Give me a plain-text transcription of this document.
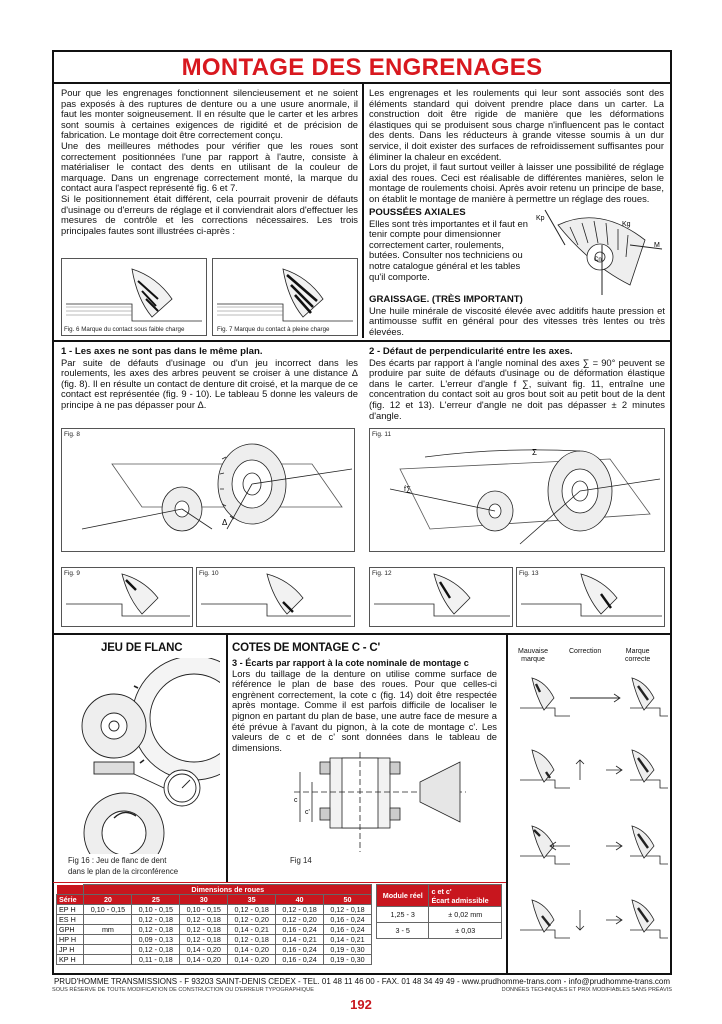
MONTAGE DES ENGRENAGES

Pour que les engrenages fonctionnent silencieusement et ne soient pas exposés à des ruptures de denture ou a une usure anormale, il faut les monter soigneusement. Il en résulte que le carter et les arbres sont soumis à certaines exigences de rigidité et de précision de fabrication. Le montage doit être correctement conçu.

Une des meilleures méthodes pour vérifier que les roues sont correctement positionnées l'une par rapport à l'autre, consiste à matérialiser le contact des dents en utilisant de la couleur de marquage. Dans un engrenage correctement monté, la marque du contact aura l'aspect représenté fig. 6 et 7.

Si le positionnement était différent, cela pourrait provenir de défauts d'usinage ou d'erreurs de réglage et il conviendrait alors d'effectuer les mesures de contrôle et les corrections nécessaires. Les trois principales fautes sont illustrées ci-après :

Les engrenages et les roulements qui leur sont associés sont des éléments standard qui doivent prendre place dans un carter. La construction doit être rigide de manière que les déformations élastiques qui se produisent sous charge n'influencent pas le contact des dents. Dans les réducteurs à grande vitesse soumis à un dur service, il doit exister des surfaces de refroidissement suffisantes pour éliminer la chaleur en excédent.

Lors du projet, il faut surtout veiller à laisser une possibilité de réglage axial des roues. Ceci est réalisable de différentes manières, selon le montage de roulements choisi. Après avoir retenu un principe de base, on établit le montage de manière à permettre un réglage des roues.

POUSSÉES AXIALES

Elles sont très importantes et il faut en tenir compte pour dimensionner correctement carter, roulements, butées. Consulter nos techniciens ou notre catalogue général et les tables qu'il comporte.

Kp
Kg
M
Cn
GRAISSAGE. (TRÈS IMPORTANT)

Une huile minérale de viscosité élevée avec additifs haute pression et antimousse suffit en général pour des vitesses très lentes ou très élevées.

Fig. 6 Marque du contact sous faible charge	Fig. 7 Marque du contact à pleine charge
1 - Les axes ne sont pas dans le même plan.

Par suite de défauts d'usinage ou d'un jeu incorrect dans les roulements, les axes des arbres peuvent se croiser à une distance Δ (fig. 8). Il en résulte un contact de denture dit croisé, et la marque de ce contact est représentée (fig. 9 - 10). Le tableau 5 donne les valeurs de principe à ne pas dépasser pour Δ.

2 - Défaut de perpendicularité entre les axes.

Des écarts par rapport à l'angle nominal des axes ∑ = 90° peuvent se produire par suite de défauts d'usinage ou de déformation élastique dans le carter. L'erreur d'angle f ∑, suivant fig. 11, entraîne une concentration du contact soit au gros bout soit au petit bout de la dent (fig. 12 et 13). L'erreur d'angle ne doit pas dépasser ± 2 minutes d'angle.

Δ
Fig. 8
Σ
f∑
Fig. 11
Fig. 9	Fig. 10	Fig. 12	Fig. 13
JEU DE FLANC
Fig 16 : Jeu de flanc de dent
dans le plan de la circonférence
COTES DE MONTAGE C - C'
3 - Écarts par rapport à la cote nominale de montage c

Lors du taillage de la denture on utilise comme surface de référence le plan de base des roues. Pour que celles-ci engrènent correctement, la cote c (fig. 14) doit être respectée après montage. Comme il est parfois difficile de localiser le pignon en partant du plan de base, une autre face de mesure a été prévue à l'avant du pignon, à la cote de montage c'. Les valeurs de c et de c' sont données dans le tableau de dimensions.

c
c'
Fig 14
Mauvaise
marque
Correction	Marque
correcte
	Dimensions de roues					
Série	20	25	30	35	40	50
EP H	0,10 - 0,15	0,10 - 0,15	0,10 - 0,15	0,12 - 0,18	0,12 - 0,18	0,12 - 0,18
ES H		0,12 - 0,18	0,12 - 0,18	0,12 - 0,20	0,12 - 0,20	0,16 - 0,24
GPH	mm	0,12 - 0,18	0,12 - 0,18	0,14 - 0,21	0,16 - 0,24	0,16 - 0,24
HP H		0,09 - 0,13	0,12 - 0,18	0,12 - 0,18	0,14 - 0,21	0,14 - 0,21
JP H		0,12 - 0,18	0,14 - 0,20	0,14 - 0,20	0,16 - 0,24	0,19 - 0,30
KP H		0,11 - 0,18	0,14 - 0,20	0,14 - 0,20	0,16 - 0,24	0,19 - 0,30
Module réel	c et c'
Écart admissible

1,25 - 3	± 0,02 mm
3 - 5	± 0,03
PRUD'HOMME TRANSMISSIONS - F 93203 SAINT-DENIS CEDEX - TEL. 01 48 11 46 00 - FAX. 01 48 34 49 49 - www.prudhomme-trans.com - info@prudhomme-trans.com
SOUS RÉSERVE DE TOUTE MODIFICATION DE CONSTRUCTION OU D'ERREUR TYPOGRAPHIQUE	DONNÉES TECHNIQUES ET PRIX MODIFIABLES SANS PRÉAVIS
192
